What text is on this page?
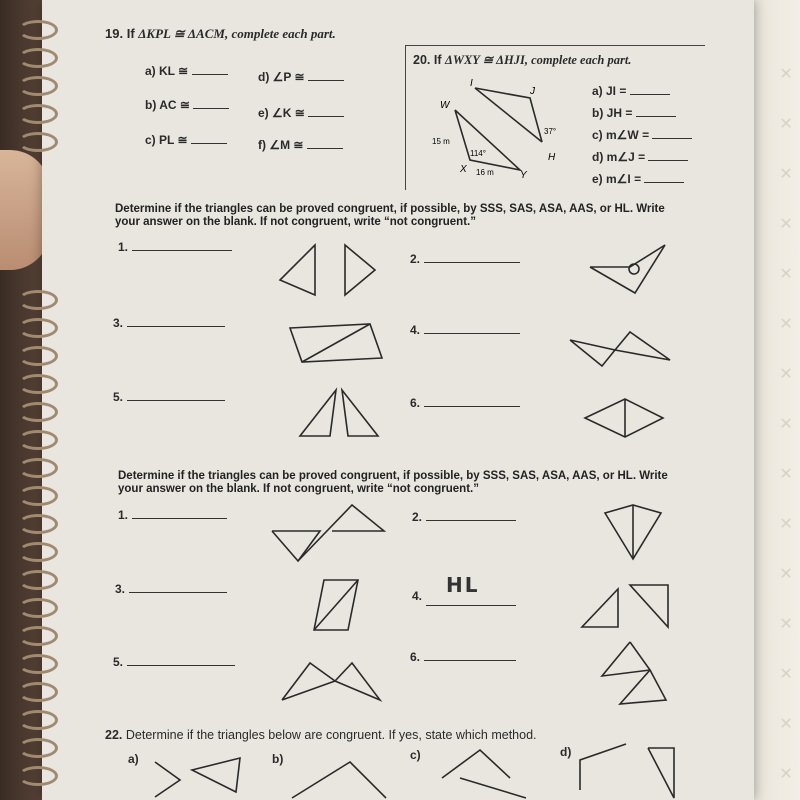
✕
✕
✕
✕
✕
✕
✕
✕
✕
✕
✕
✕
✕
✕
✕
19. If ΔKPL ≅ ΔACM, complete each part.
a) KL ≅
b) AC ≅
c) PL ≅
d) ∠P ≅
e) ∠K ≅
f) ∠M ≅
20. If ΔWXY ≅ ΔHJI, complete each part.
I
J
W
H
X
Y
15 m
16 m
114°
37°
a) JI =
b) JH =
c) m∠W =
d) m∠J =
e) m∠I =
Determine if the triangles can be proved congruent, if possible, by SSS, SAS, ASA, AAS, or HL. Write your answer on the blank. If not congruent, write “not congruent.”
1.
2.
3.	4.
5.	6.
Determine if the triangles can be proved congruent, if possible, by SSS, SAS, ASA, AAS, or HL. Write your answer on the blank. If not congruent, write “not congruent.”
1.	2.
3.	4. HL
5.	6.
22. Determine if the triangles below are congruent. If yes, state which method.
a)	b)	c)	d)
